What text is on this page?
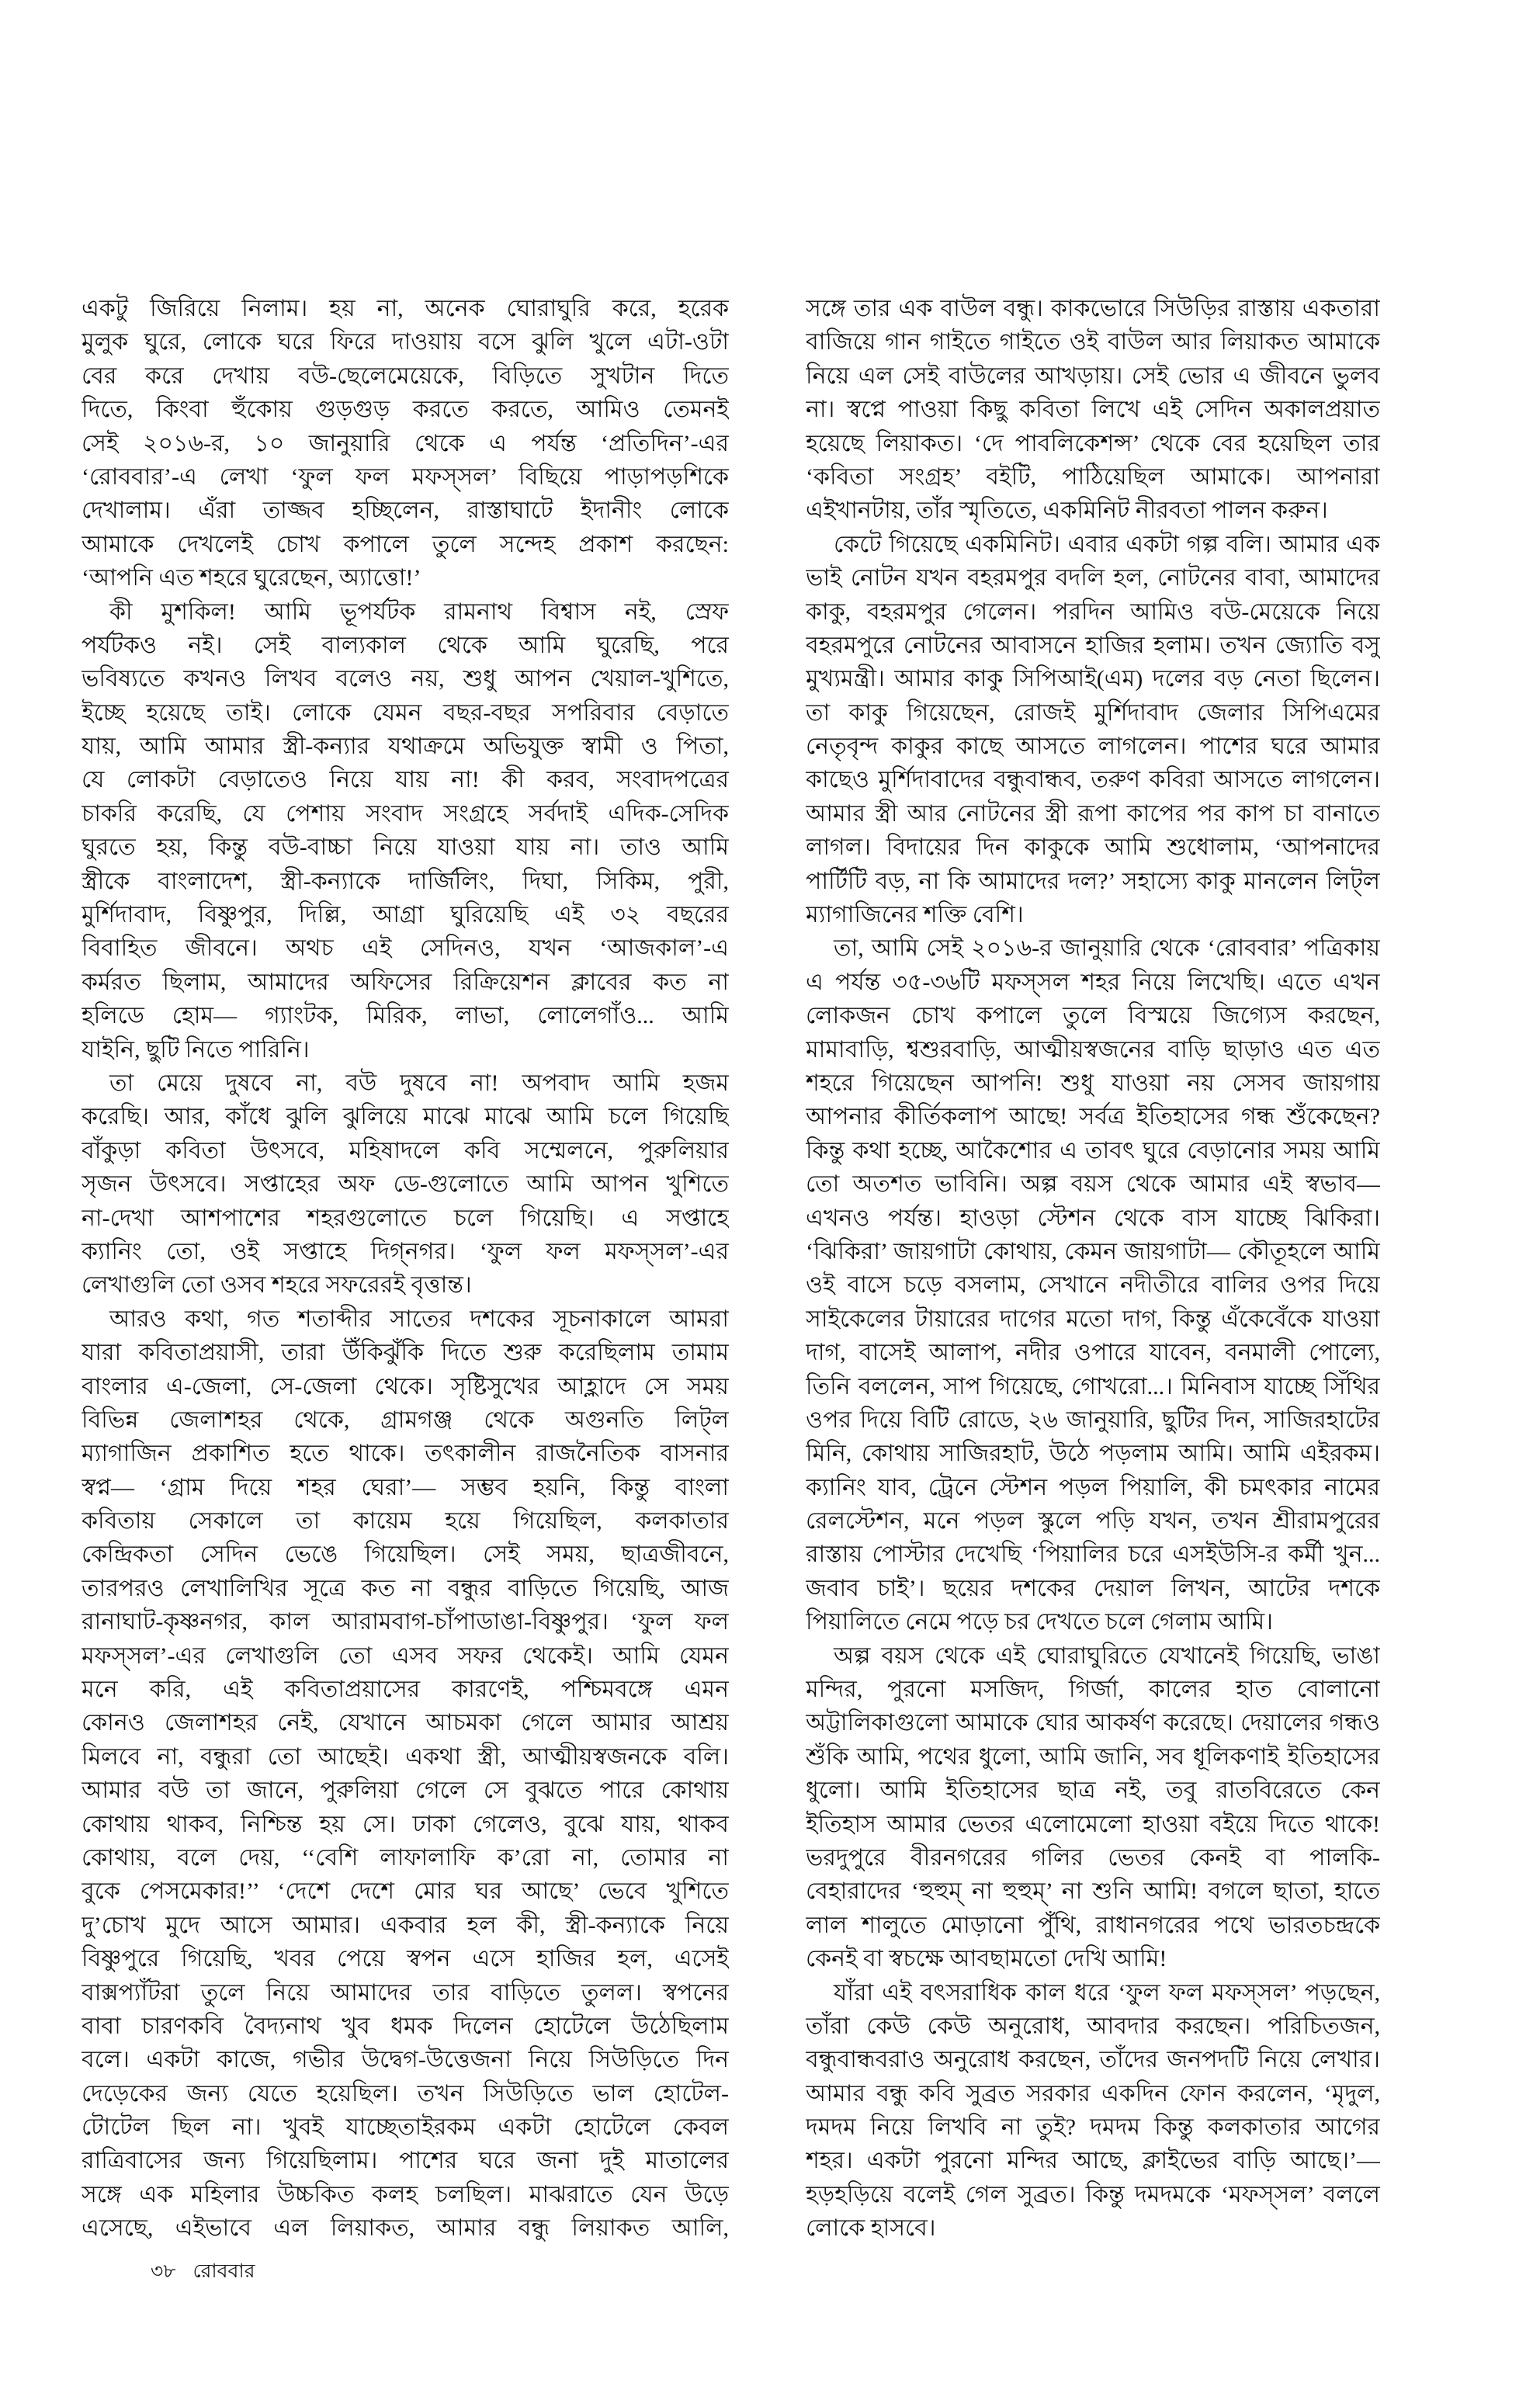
একটু জিরিয়ে নিলাম। হয় না, অনেক ঘোরাঘুরি করে, হরেক
মুলুক ঘুরে, লোকে ঘরে ফিরে দাওয়ায় বসে ঝুলি খুলে এটা-ওটা
বের করে দেখায় বউ-ছেলেমেয়েকে, বিড়িতে সুখটান দিতে
দিতে, কিংবা হুঁকোয় গুড়গুড় করতে করতে, আমিও তেমনই
সেই ২০১৬-র, ১০ জানুয়ারি থেকে এ পর্যন্ত ‘প্রতিদিন’-এর
‘রোববার’-এ লেখা ‘ফুল ফল মফস্‌সল’ বিছিয়ে পাড়াপড়শিকে
দেখালাম। এঁরা তাজ্জব হচ্ছিলেন, রাস্তাঘাটে ইদানীং লোকে
আমাকে দেখলেই চোখ কপালে তুলে সন্দেহ প্রকাশ করছেন:
‘আপনি এত শহরে ঘুরেছেন, অ্যাত্তো!’
কী মুশকিল! আমি ভূপর্যটক রামনাথ বিশ্বাস নই, স্রেফ
পর্যটকও নই। সেই বাল্যকাল থেকে আমি ঘুরেছি, পরে
ভবিষ্যতে কখনও লিখব বলেও নয়, শুধু আপন খেয়াল-খুশিতে,
ইচ্ছে হয়েছে তাই। লোকে যেমন বছর-বছর সপরিবার বেড়াতে
যায়, আমি আমার স্ত্রী-কন্যার যথাক্রমে অভিযুক্ত স্বামী ও পিতা,
যে লোকটা বেড়াতেও নিয়ে যায় না! কী করব, সংবাদপত্রের
চাকরি করেছি, যে পেশায় সংবাদ সংগ্রহে সর্বদাই এদিক-সেদিক
ঘুরতে হয়, কিন্তু বউ-বাচ্চা নিয়ে যাওয়া যায় না। তাও আমি
স্ত্রীকে বাংলাদেশ, স্ত্রী-কন্যাকে দার্জিলিং, দিঘা, সিকিম, পুরী,
মুর্শিদাবাদ, বিষ্ণুপুর, দিল্লি, আগ্রা ঘুরিয়েছি এই ৩২ বছরের
বিবাহিত জীবনে। অথচ এই সেদিনও, যখন ‘আজকাল’-এ
কর্মরত ছিলাম, আমাদের অফিসের রিক্রিয়েশন ক্লাবের কত না
হলিডে হোম— গ্যাংটক, মিরিক, লাভা, লোলেগাঁও... আমি
যাইনি, ছুটি নিতে পারিনি।
তা মেয়ে দুষবে না, বউ দুষবে না! অপবাদ আমি হজম
করেছি। আর, কাঁধে ঝুলি ঝুলিয়ে মাঝে মাঝে আমি চলে গিয়েছি
বাঁকুড়া কবিতা উৎসবে, মহিষাদলে কবি সম্মেলনে, পুরুলিয়ার
সৃজন উৎসবে। সপ্তাহের অফ ডে-গুলোতে আমি আপন খুশিতে
না-দেখা আশপাশের শহরগুলোতে চলে গিয়েছি। এ সপ্তাহে
ক্যানিং তো, ওই সপ্তাহে দিগ্‌নগর। ‘ফুল ফল মফস্‌সল’-এর
লেখাগুলি তো ওসব শহরে সফরেরই বৃত্তান্ত।
আরও কথা, গত শতাব্দীর সাতের দশকের সূচনাকালে আমরা
যারা কবিতাপ্রয়াসী, তারা উঁকিঝুঁকি দিতে শুরু করেছিলাম তামাম
বাংলার এ-জেলা, সে-জেলা থেকে। সৃষ্টিসুখের আহ্লাদে সে সময়
বিভিন্ন জেলাশহর থেকে, গ্রামগঞ্জ থেকে অগুনতি লিট্‌ল
ম্যাগাজিন প্রকাশিত হতে থাকে। তৎকালীন রাজনৈতিক বাসনার
স্বপ্ন— ‘গ্রাম দিয়ে শহর ঘেরা’— সম্ভব হয়নি, কিন্তু বাংলা
কবিতায় সেকালে তা কায়েম হয়ে গিয়েছিল, কলকাতার
কেন্দ্রিকতা সেদিন ভেঙে গিয়েছিল। সেই সময়, ছাত্রজীবনে,
তারপরও লেখালিখির সূত্রে কত না বন্ধুর বাড়িতে গিয়েছি, আজ
রানাঘাট-কৃষ্ণনগর, কাল আরামবাগ-চাঁপাডাঙা-বিষ্ণুপুর। ‘ফুল ফল
মফস্‌সল’-এর লেখাগুলি তো এসব সফর থেকেই। আমি যেমন
মনে করি, এই কবিতাপ্রয়াসের কারণেই, পশ্চিমবঙ্গে এমন
কোনও জেলাশহর নেই, যেখানে আচমকা গেলে আমার আশ্রয়
মিলবে না, বন্ধুরা তো আছেই। একথা স্ত্রী, আত্মীয়স্বজনকে বলি।
আমার বউ তা জানে, পুরুলিয়া গেলে সে বুঝতে পারে কোথায়
কোথায় থাকব, নিশ্চিন্ত হয় সে। ঢাকা গেলেও, বুঝে যায়, থাকব
কোথায়, বলে দেয়, ‘‘বেশি লাফালাফি ক’রো না, তোমার না
বুকে পেসমেকার!’’ ‘দেশে দেশে মোর ঘর আছে’ ভেবে খুশিতে
দু’চোখ মুদে আসে আমার। একবার হল কী, স্ত্রী-কন্যাকে নিয়ে
বিষ্ণুপুরে গিয়েছি, খবর পেয়ে স্বপন এসে হাজির হল, এসেই
বাক্সপ্যাঁটরা তুলে নিয়ে আমাদের তার বাড়িতে তুলল। স্বপনের
বাবা চারণকবি বৈদ্যনাথ খুব ধমক দিলেন হোটেলে উঠেছিলাম
বলে। একটা কাজে, গভীর উদ্বেগ-উত্তেজনা নিয়ে সিউড়িতে দিন
দেড়েকের জন্য যেতে হয়েছিল। তখন সিউড়িতে ভাল হোটেল-
টোটেল ছিল না। খুবই যাচ্ছেতাইরকম একটা হোটেলে কেবল
রাত্রিবাসের জন্য গিয়েছিলাম। পাশের ঘরে জনা দুই মাতালের
সঙ্গে এক মহিলার উচ্চকিত কলহ চলছিল। মাঝরাতে যেন উড়ে
এসেছে, এইভাবে এল লিয়াকত, আমার বন্ধু লিয়াকত আলি,
সঙ্গে তার এক বাউল বন্ধু। কাকভোরে সিউড়ির রাস্তায় একতারা
বাজিয়ে গান গাইতে গাইতে ওই বাউল আর লিয়াকত আমাকে
নিয়ে এল সেই বাউলের আখড়ায়। সেই ভোর এ জীবনে ভুলব
না। স্বপ্নে পাওয়া কিছু কবিতা লিখে এই সেদিন অকালপ্রয়াত
হয়েছে লিয়াকত। ‘দে পাবলিকেশন্স’ থেকে বের হয়েছিল তার
‘কবিতা সংগ্রহ’ বইটি, পাঠিয়েছিল আমাকে। আপনারা
এইখানটায়, তাঁর স্মৃতিতে, একমিনিট নীরবতা পালন করুন।
কেটে গিয়েছে একমিনিট। এবার একটা গল্প বলি। আমার এক
ভাই নোটন যখন বহরমপুর বদলি হল, নোটনের বাবা, আমাদের
কাকু, বহরমপুর গেলেন। পরদিন আমিও বউ-মেয়েকে নিয়ে
বহরমপুরে নোটনের আবাসনে হাজির হলাম। তখন জ্যোতি বসু
মুখ্যমন্ত্রী। আমার কাকু সিপিআই(এম) দলের বড় নেতা ছিলেন।
তা কাকু গিয়েছেন, রোজই মুর্শিদাবাদ জেলার সিপিএমের
নেতৃবৃন্দ কাকুর কাছে আসতে লাগলেন। পাশের ঘরে আমার
কাছেও মুর্শিদাবাদের বন্ধুবান্ধব, তরুণ কবিরা আসতে লাগলেন।
আমার স্ত্রী আর নোটনের স্ত্রী রূপা কাপের পর কাপ চা বানাতে
লাগল। বিদায়ের দিন কাকুকে আমি শুধোলাম, ‘আপনাদের
পার্টিটি বড়, না কি আমাদের দল?’ সহাস্যে কাকু মানলেন লিট্‌ল
ম্যাগাজিনের শক্তি বেশি।
তা, আমি সেই ২০১৬-র জানুয়ারি থেকে ‘রোববার’ পত্রিকায়
এ পর্যন্ত ৩৫-৩৬টি মফস্‌সল শহর নিয়ে লিখেছি। এতে এখন
লোকজন চোখ কপালে তুলে বিস্ময়ে জিগ্যেস করছেন,
মামাবাড়ি, শ্বশুরবাড়ি, আত্মীয়স্বজনের বাড়ি ছাড়াও এত এত
শহরে গিয়েছেন আপনি! শুধু যাওয়া নয় সেসব জায়গায়
আপনার কীর্তিকলাপ আছে! সর্বত্র ইতিহাসের গন্ধ শুঁকেছেন?
কিন্তু কথা হচ্ছে, আকৈশোর এ তাবৎ ঘুরে বেড়ানোর সময় আমি
তো অতশত ভাবিনি। অল্প বয়স থেকে আমার এই স্বভাব—
এখনও পর্যন্ত। হাওড়া স্টেশন থেকে বাস যাচ্ছে ঝিকিরা।
‘ঝিকিরা’ জায়গাটা কোথায়, কেমন জায়গাটা— কৌতূহলে আমি
ওই বাসে চড়ে বসলাম, সেখানে নদীতীরে বালির ওপর দিয়ে
সাইকেলের টায়ারের দাগের মতো দাগ, কিন্তু এঁকেবেঁকে যাওয়া
দাগ, বাসেই আলাপ, নদীর ওপারে যাবেন, বনমালী পোল্যে,
তিনি বললেন, সাপ গিয়েছে, গোখরো...। মিনিবাস যাচ্ছে সিঁথির
ওপর দিয়ে বিটি রোডে, ২৬ জানুয়ারি, ছুটির দিন, সাজিরহাটের
মিনি, কোথায় সাজিরহাট, উঠে পড়লাম আমি। আমি এইরকম।
ক্যানিং যাব, ট্রেনে স্টেশন পড়ল পিয়ালি, কী চমৎকার নামের
রেলস্টেশন, মনে পড়ল স্কুলে পড়ি যখন, তখন শ্রীরামপুরের
রাস্তায় পোস্টার দেখেছি ‘পিয়ালির চরে এসইউসি-র কর্মী খুন...
জবাব চাই’। ছয়ের দশকের দেয়াল লিখন, আটের দশকে
পিয়ালিতে নেমে পড়ে চর দেখতে চলে গেলাম আমি।
অল্প বয়স থেকে এই ঘোরাঘুরিতে যেখানেই গিয়েছি, ভাঙা
মন্দির, পুরনো মসজিদ, গির্জা, কালের হাত বোলানো
অট্টালিকাগুলো আমাকে ঘোর আকর্ষণ করেছে। দেয়ালের গন্ধও
শুঁকি আমি, পথের ধুলো, আমি জানি, সব ধূলিকণাই ইতিহাসের
ধুলো। আমি ইতিহাসের ছাত্র নই, তবু রাতবিরেতে কেন
ইতিহাস আমার ভেতর এলোমেলো হাওয়া বইয়ে দিতে থাকে!
ভরদুপুরে বীরনগরের গলির ভেতর কেনই বা পালকি-
বেহারাদের ‘হুহুম্ না হুহুম্’ না শুনি আমি! বগলে ছাতা, হাতে
লাল শালুতে মোড়ানো পুঁথি, রাধানগরের পথে ভারতচন্দ্রকে
কেনই বা স্বচক্ষে আবছামতো দেখি আমি!
যাঁরা এই বৎসরাধিক কাল ধরে ‘ফুল ফল মফস্‌সল’ পড়ছেন,
তাঁরা কেউ কেউ অনুরোধ, আবদার করছেন। পরিচিতজন,
বন্ধুবান্ধবরাও অনুরোধ করছেন, তাঁদের জনপদটি নিয়ে লেখার।
আমার বন্ধু কবি সুব্রত সরকার একদিন ফোন করলেন, ‘মৃদুল,
দমদম নিয়ে লিখবি না তুই? দমদম কিন্তু কলকাতার আগের
শহর। একটা পুরনো মন্দির আছে, ক্লাইভের বাড়ি আছে।’—
হড়হড়িয়ে বলেই গেল সুব্রত। কিন্তু দমদমকে ‘মফস্‌সল’ বললে
লোকে হাসবে।
৩৮ রোববার
